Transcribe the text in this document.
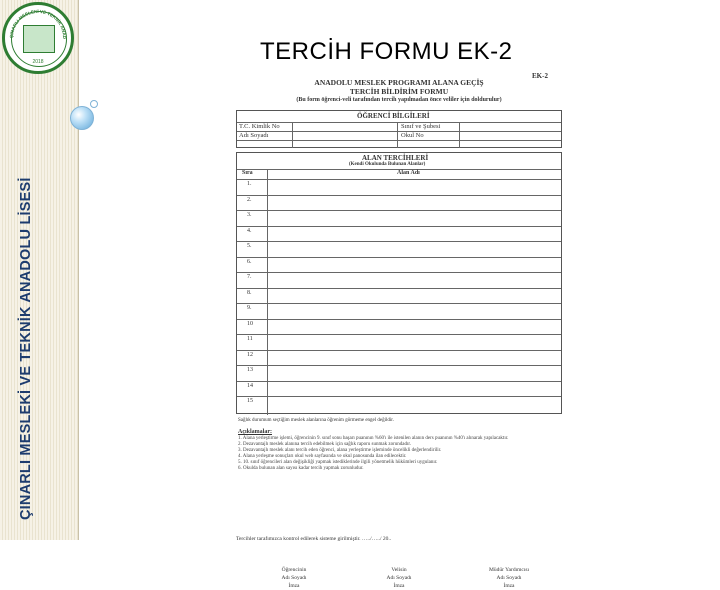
ÇINARLI MESLEKİ VE TEKNİK ANAD
2018
ÇINARLI MESLEKİ VE TEKNİK ANADOLU LİSESİ
TERCİH FORMU EK-2
EK-2
ANADOLU MESLEK PROGRAMI ALANA GEÇİŞ
TERCİH BİLDİRİM FORMU
(Bu form öğrenci-veli tarafından tercih yapılmadan önce veliler için doldurulur)
ÖĞRENCİ BİLGİLERİ
T.C. Kimlik No
Adı Soyadı
Sınıf ve Şubesi
Okul No
ALAN TERCİHLERİ
(Kendi Okulunda Bulunan Alanlar)
Sıra	Alan Adı
1.
2.
3.
4.
5.
6.
7.
8.
9.
10
11
12
13
14
15
Sağlık durumum seçtiğim meslek alanlarına öğrenim görmeme engel değildir.
Açıklamalar:

1. Alana yerleştirme işlemi, öğrencinin 9. sınıf sonu başarı puanının %60'ı ile istenilen alanın ders puanının %40'ı alınarak yapılacaktır.

2. Dezavantajlı meslek alanına tercih edebilmek için sağlık raporu sunmak zorundadır.

3. Dezavantajlı meslek alanı tercih eden öğrenci, alana yerleştirme işleminde öncelikli değerlendirilir.

4. Alana yerleşme sonuçları okul web sayfasında ve okul panosunda ilan edilecektir.

5. 10. sınıf öğrencileri alan değişikliği yapmak istediklerinde ilgili yönetmelik hükümleri uygulanır.

6. Okulda bulunan alan sayısı kadar tercih yapmak zorunludur.

Tercihler tarafımızca kontrol edilerek sisteme girilmiştir. …../…../ 20..
Öğrencinin
Adı Soyadı
İmza
Velisin
Adı Soyadı
İmza
Müdür Yardımcısı
Adı Soyadı
İmza
